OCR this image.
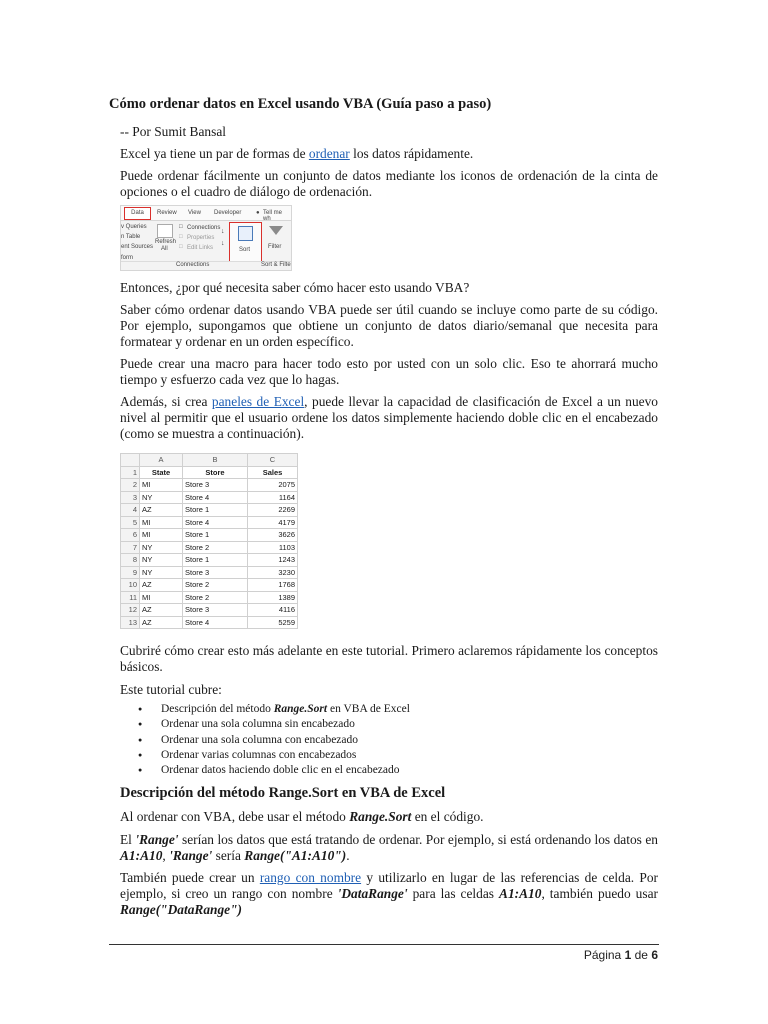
Cómo ordenar datos en Excel usando VBA (Guía paso a paso)
-- Por Sumit Bansal
Excel ya tiene un par de formas de ordenar los datos rápidamente.
Puede ordenar fácilmente un conjunto de datos mediante los iconos de ordenación de la cinta de opciones o el cuadro de diálogo de ordenación.
Data	Review View Developer ● Tell me wh
v Queries
n Table
ent Sources
form
Refresh
All
□ Connections
□ Properties
□ Edit Links
↓
↓
Sort	Filter
Connections	Sort & Filte
Entonces, ¿por qué necesita saber cómo hacer esto usando VBA?
Saber cómo ordenar datos usando VBA puede ser útil cuando se incluye como parte de su código. Por ejemplo, supongamos que obtiene un conjunto de datos diario/semanal que necesita para formatear y ordenar en un orden específico.
Puede crear una macro para hacer todo esto por usted con un solo clic. Eso te ahorrará mucho tiempo y esfuerzo cada vez que lo hagas.
Además, si crea paneles de Excel, puede llevar la capacidad de clasificación de Excel a un nuevo nivel al permitir que el usuario ordene los datos simplemente haciendo doble clic en el encabezado (como se muestra a continuación).
	A	B	C
1	State	Store	Sales
2	MI	Store 3	2075
3	NY	Store 4	1164
4	AZ	Store 1	2269
5	MI	Store 4	4179
6	MI	Store 1	3626
7	NY	Store 2	1103
8	NY	Store 1	1243
9	NY	Store 3	3230
10	AZ	Store 2	1768
11	MI	Store 2	1389
12	AZ	Store 3	4116
13	AZ	Store 4	5259
Cubriré cómo crear esto más adelante en este tutorial. Primero aclaremos rápidamente los conceptos básicos.
Este tutorial cubre:
● Descripción del método Range.Sort en VBA de Excel
● Ordenar una sola columna sin encabezado
● Ordenar una sola columna con encabezado
● Ordenar varias columnas con encabezados
● Ordenar datos haciendo doble clic en el encabezado
Descripción del método Range.Sort en VBA de Excel
Al ordenar con VBA, debe usar el método Range.Sort en el código.
El 'Range' serían los datos que está tratando de ordenar. Por ejemplo, si está ordenando los datos en A1:A10, 'Range' sería Range("A1:A10").
También puede crear un rango con nombre y utilizarlo en lugar de las referencias de celda. Por ejemplo, si creo un rango con nombre 'DataRange' para las celdas A1:A10, también puedo usar Range("DataRange")
Página 1 de 6
